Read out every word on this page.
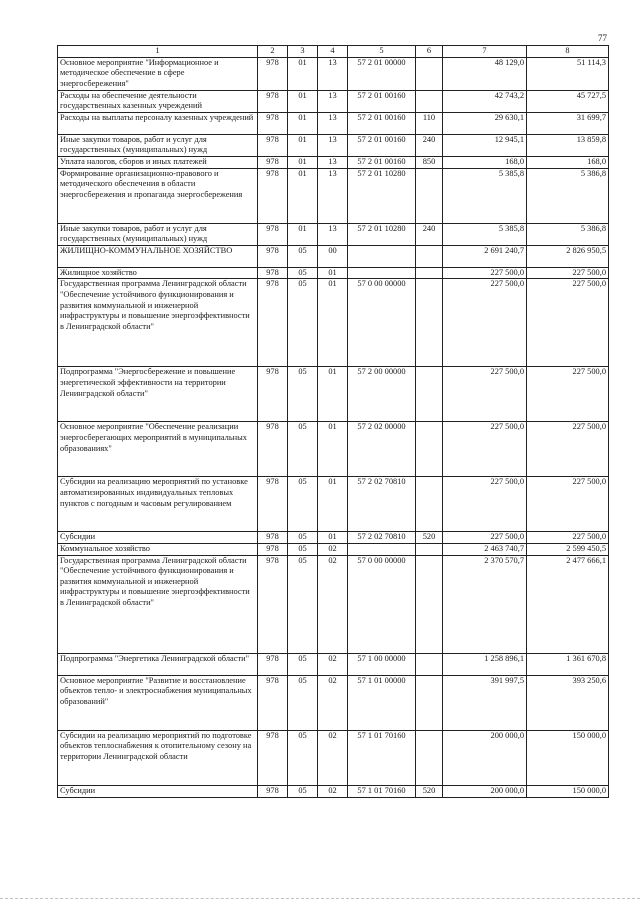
77
1	2	3	4	5	6	7	8
Основное мероприятие "Информационное и методическое обеспечение в сфере энергосбережения"	978	01	13	57 2 01 00000		48 129,0	51 114,3
Расходы на обеспечение деятельности государственных казенных учреждений	978	01	13	57 2 01 00160		42 743,2	45 727,5
Расходы на выплаты персоналу казенных учреждений	978	01	13	57 2 01 00160	110	29 630,1	31 699,7
Иные закупки товаров, работ и услуг для государственных (муниципальных) нужд	978	01	13	57 2 01 00160	240	12 945,1	13 859,8
Уплата налогов, сборов и иных платежей	978	01	13	57 2 01 00160	850	168,0	168,0
Формирование организационно-правового и методического обеспечения в области энергосбережения и пропаганда энергосбережения	978	01	13	57 2 01 10280		5 385,8	5 386,8
Иные закупки товаров, работ и услуг для государственных (муниципальных) нужд	978	01	13	57 2 01 10280	240	5 385,8	5 386,8
ЖИЛИЩНО-КОММУНАЛЬНОЕ ХОЗЯЙСТВО	978	05	00			2 691 240,7	2 826 950,5
Жилищное хозяйство	978	05	01			227 500,0	227 500,0
Государственная программа Ленинградской области "Обеспечение устойчивого функционирования и развития коммунальной и инженерной инфраструктуры и повышение энергоэффективности в Ленинградской области"	978	05	01	57 0 00 00000		227 500,0	227 500,0
Подпрограмма "Энергосбережение и повышение энергетической эффективности на территории Ленинградской области"	978	05	01	57 2 00 00000		227 500,0	227 500,0
Основное мероприятие "Обеспечение реализации энергосберегающих мероприятий в муниципальных образованиях"	978	05	01	57 2 02 00000		227 500,0	227 500,0
Субсидии на реализацию мероприятий по установке автоматизированных индивидуальных тепловых пунктов с погодным и часовым регулированием	978	05	01	57 2 02 70810		227 500,0	227 500,0
Субсидии	978	05	01	57 2 02 70810	520	227 500,0	227 500,0
Коммунальное хозяйство	978	05	02			2 463 740,7	2 599 450,5
Государственная программа Ленинградской области "Обеспечение устойчивого функционирования и развития коммунальной и инженерной инфраструктуры и повышение энергоэффективности в Ленинградской области"	978	05	02	57 0 00 00000		2 370 570,7	2 477 666,1
Подпрограмма "Энергетика Ленинградской области"	978	05	02	57 1 00 00000		1 258 896,1	1 361 670,8
Основное мероприятие "Развитие и восстановление объектов тепло- и электроснабжения муниципальных образований"	978	05	02	57 1 01 00000		391 997,5	393 250,6
Субсидии на реализацию мероприятий по подготовке объектов теплоснабжения к отопительному сезону на территории Ленинградской области	978	05	02	57 1 01 70160		200 000,0	150 000,0
Субсидии	978	05	02	57 1 01 70160	520	200 000,0	150 000,0
